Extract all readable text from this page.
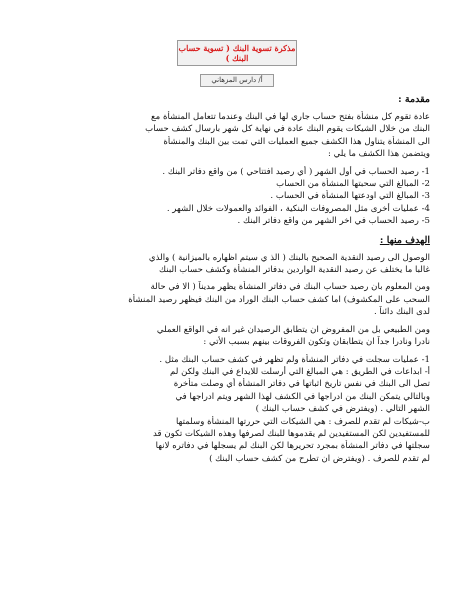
مذكرة تسوية البنك ( تسوية حساب البنك )
أ/ دارس المزهاني
مقدمة :

عادة تقوم كل منشأة بفتح حساب جاري لها في البنك وعندما تتعامل المنشأة مع

البنك من خلال الشيكات يقوم البنك عادة في نهاية كل شهر بارسال كشف حساب

الى المنشأة يتناول هذا الكشف جميع العمليات التي تمت بين البنك والمنشأة

ويتضمن هذا الكشف ما يلي :

1- رصيد الحساب في أول الشهر ( أي رصيد افتتاحي ) من واقع دفاتر البنك .
2- المبالغ التي سحبتها المنشأة من الحساب
3- المبالغ التي اودعتها المنشأة في الحساب .
4- عمليات أخرى مثل المصروفات البنكية ، الفوائد والعمولات خلال الشهر .
5- رصيد الحساب في اخر الشهر من واقع دفاتر البنك .
الهدف منها :

الوصول الى رصيد النقدية الصحيح بالبنك ( الذ ي سيتم اظهاره بالميزانية ) والذي

غالبا ما يختلف عن رصيد النقدية الواردين بدفاتر المنشأة وكشف حساب البنك

ومن المعلوم بان رصيد حساب البنك في دفاتر المنشأة يظهر مديناً ( الا في حالة

السحب على المكشوف) اما كشف حساب البنك الوراد من البنك فيظهر رصيد المنشأة

لدى البنك دائناً .

ومن الطبيعي بل من المفروض ان يتطابق الرصيدان غير انه في الواقع العملي

نادرا ونادرا جداً ان يتطابقان وتكون الفروقات بينهم بسبب الأتي :

1- عمليات سجلت في دفاتر المنشأة ولم تظهر في كشف حساب البنك مثل .
أ- ابداعات في الطريق : هي المبالغ التي أرسلت للايداع في البنك ولكن لم
تصل الى البنك في نفس تاريخ اثباتها في دفاتر المنشأة أي وصلت متأخرة
وبالتالي يتمكن البنك من ادراجها في الكشف لهذا الشهر ويتم ادراجها في
الشهر التالي . (ويفترض في كشف حساب البنك )
ب-شيكات لم تقدم للصرف : هي الشيكات التي حررتها المنشأة وسلمتها
للمستفيدين لكن المستفيدين لم يقدموها للبنك لصرفها وهذه الشيكات تكون قد
سجلتها في دفاتر المنشأة بمجرد تحريرها لكن البنك لم يسجلها في دفاتره لانها
لم تقدم للصرف . (ويفترض ان تطرح من كشف حساب البنك )
